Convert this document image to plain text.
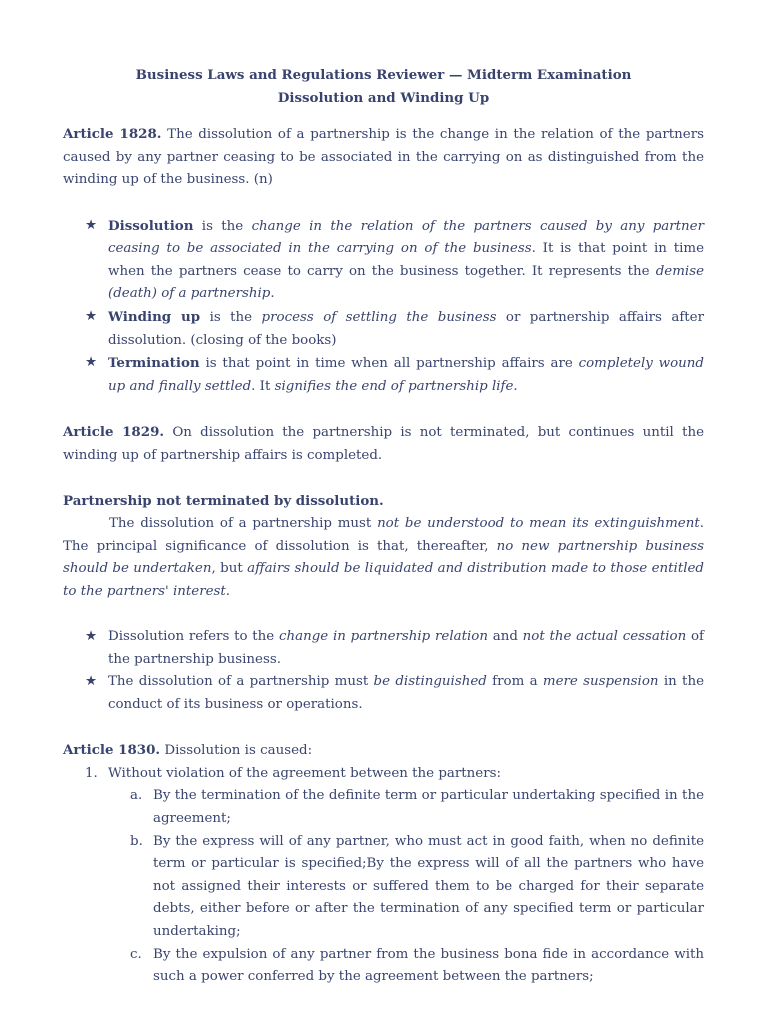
Business Laws and Regulations Reviewer — Midterm Examination

Dissolution and Winding Up

Article 1828. The dissolution of a partnership is the change in the relation of the partners caused by any partner ceasing to be associated in the carrying on as distinguished from the winding up of the business. (n)

★ Dissolution is the change in the relation of the partners caused by any partner ceasing to be associated in the carrying on of the business. It is that point in time when the partners cease to carry on the business together. It represents the demise (death) of a partnership.
★ Winding up is the process of settling the business or partnership affairs after dissolution. (closing of the books)
★ Termination is that point in time when all partnership affairs are completely wound up and finally settled. It signifies the end of partnership life.

Article 1829. On dissolution the partnership is not terminated, but continues until the winding up of partnership affairs is completed.

Partnership not terminated by dissolution.

The dissolution of a partnership must not be understood to mean its extinguishment. The principal significance of dissolution is that, thereafter, no new partnership business should be undertaken, but affairs should be liquidated and distribution made to those entitled to the partners' interest.

★ Dissolution refers to the change in partnership relation and not the actual cessation of the partnership business.
★ The dissolution of a partnership must be distinguished from a mere suspension in the conduct of its business or operations.

Article 1830. Dissolution is caused:

1. Without violation of the agreement between the partners:
a. By the termination of the definite term or particular undertaking specified in the agreement;
b. By the express will of any partner, who must act in good faith, when no definite term or particular is specified;By the express will of all the partners who have not assigned their interests or suffered them to be charged for their separate debts, either before or after the termination of any specified term or particular undertaking;
c. By the expulsion of any partner from the business bona fide in accordance with such a power conferred by the agreement between the partners;
